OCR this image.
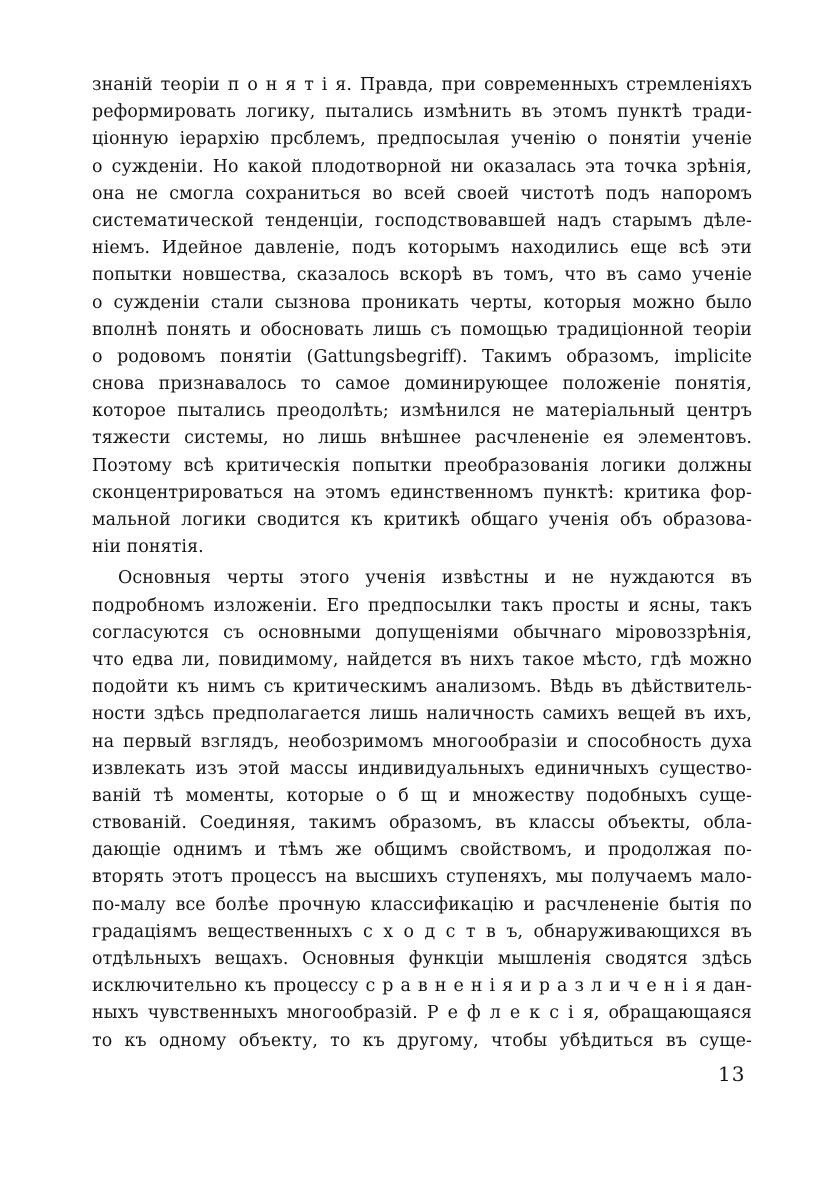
знаній теоріи п о н я т і я. Правда, при современныхъ стремленіяхъ
реформировать логику, пытались измѣнить въ этомъ пунктѣ тради-
ціонную іерархію прсблемъ, предпосылая ученію о понятіи ученіе
о сужденіи. Но какой плодотворной ни оказалась эта точка зрѣнія,
она не смогла сохраниться во всей своей чистотѣ подъ напоромъ
систематической тенденціи, господствовавшей надъ старымъ дѣле-
ніемъ. Идейное давленіе, подъ которымъ находились еще всѣ эти
попытки новшества, сказалось вскорѣ въ томъ, что въ само ученіе
о сужденіи стали сызнова проникать черты, которыя можно было
вполнѣ понять и обосновать лишь съ помощью традиціонной теоріи
о родовомъ понятіи (Gattungsbegriff). Такимъ образомъ, implicite
снова признавалось то самое доминирующее положеніе понятія,
которое пытались преодолѣть; измѣнился не матеріальный центръ
тяжести системы, но лишь внѣшнее расчлененіе ея элементовъ.
Поэтому всѣ критическія попытки преобразованія логики должны
сконцентрироваться на этомъ единственномъ пунктѣ: критика фор-
мальной логики сводится къ критикѣ общаго ученія объ образова-
ніи понятія.
Основныя черты этого ученія извѣстны и не нуждаются въ
подробномъ изложеніи. Его предпосылки такъ просты и ясны, такъ
согласуются съ основными допущеніями обычнаго міровоззрѣнія,
что едва ли, повидимому, найдется въ нихъ такое мѣсто, гдѣ можно
подойти къ нимъ съ критическимъ анализомъ. Вѣдь въ дѣйствитель-
ности здѣсь предполагается лишь наличность самихъ вещей въ ихъ,
на первый взглядъ, необозримомъ многообразіи и способность духа
извлекать изъ этой массы индивидуальныхъ единичныхъ существо-
ваній тѣ моменты, которые о б щ и множеству подобныхъ суще-
ствованій. Соединяя, такимъ образомъ, въ классы объекты, обла-
дающіе однимъ и тѣмъ же общимъ свойствомъ, и продолжая по-
вторять этотъ процессъ на высшихъ ступеняхъ, мы получаемъ мало-
по-малу все болѣе прочную классификацію и расчлененіе бытія по
градаціямъ вещественныхъ с х о д с т в ъ, обнаруживающихся въ
отдѣльныхъ вещахъ. Основныя функціи мышленія сводятся здѣсь
исключительно къ процессу с р а в н е н і я и р а з л и ч е н і я дан-
ныхъ чувственныхъ многообразій. Р е ф л е к с і я, обращающаяся
то къ одному объекту, то къ другому, чтобы убѣдиться въ суще-
13
